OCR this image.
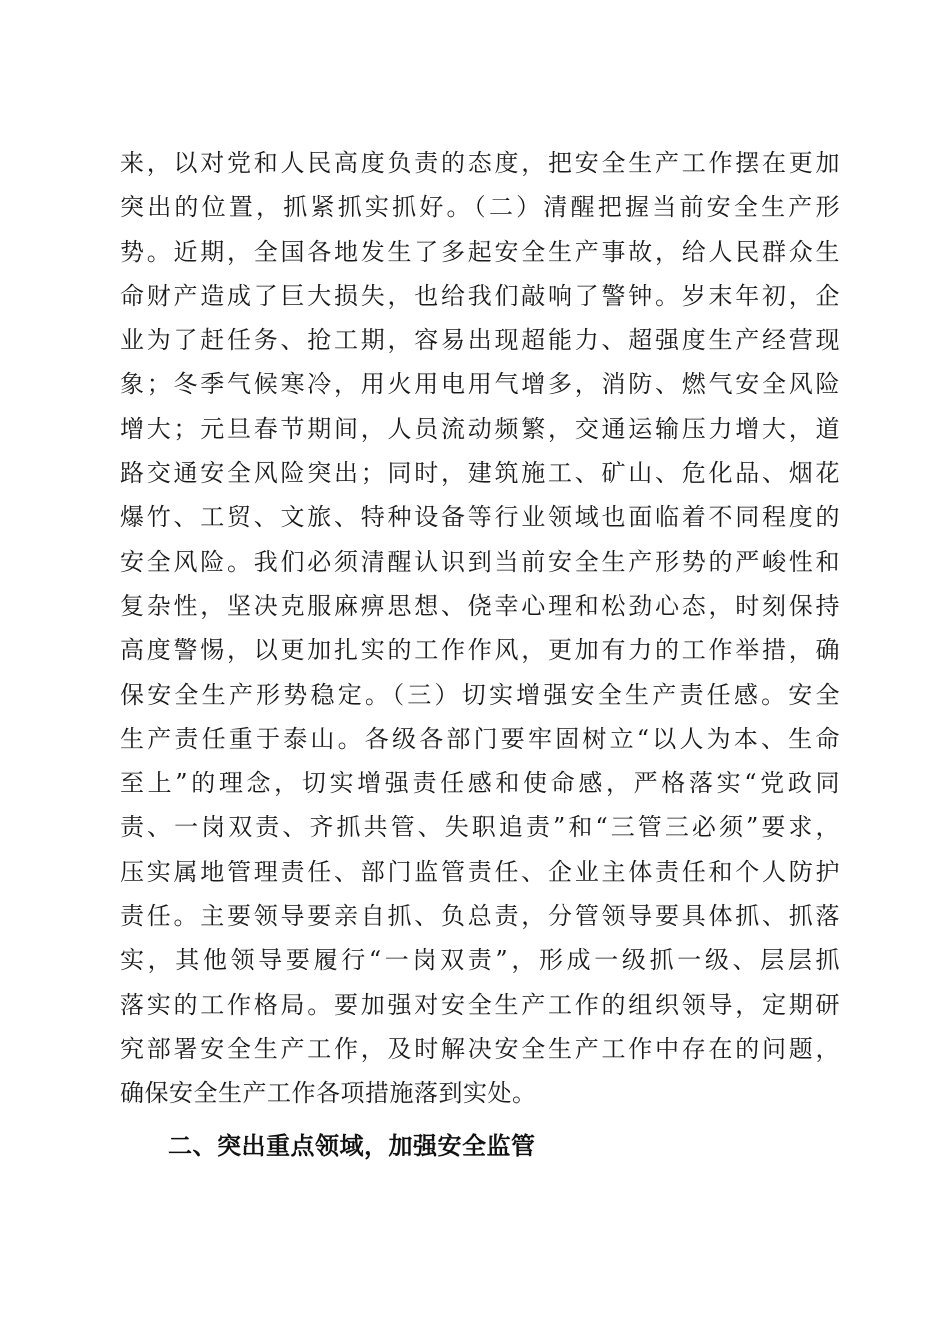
来，以对党和人民高度负责的态度，把安全生产工作摆在更加
突出的位置，抓紧抓实抓好。（二）清醒把握当前安全生产形
势。近期，全国各地发生了多起安全生产事故，给人民群众生
命财产造成了巨大损失，也给我们敲响了警钟。岁末年初，企
业为了赶任务、抢工期，容易出现超能力、超强度生产经营现
象；冬季气候寒冷，用火用电用气增多，消防、燃气安全风险
增大；元旦春节期间，人员流动频繁，交通运输压力增大，道
路交通安全风险突出；同时，建筑施工、矿山、危化品、烟花
爆竹、工贸、文旅、特种设备等行业领域也面临着不同程度的
安全风险。我们必须清醒认识到当前安全生产形势的严峻性和
复杂性，坚决克服麻痹思想、侥幸心理和松劲心态，时刻保持
高度警惕，以更加扎实的工作作风，更加有力的工作举措，确
保安全生产形势稳定。（三）切实增强安全生产责任感。安全
生产责任重于泰山。各级各部门要牢固树立“以人为本、生命
至上”的理念，切实增强责任感和使命感，严格落实“党政同
责、一岗双责、齐抓共管、失职追责”和“三管三必须”要求，
压实属地管理责任、部门监管责任、企业主体责任和个人防护
责任。主要领导要亲自抓、负总责，分管领导要具体抓、抓落
实，其他领导要履行“一岗双责”，形成一级抓一级、层层抓
落实的工作格局。要加强对安全生产工作的组织领导，定期研
究部署安全生产工作，及时解决安全生产工作中存在的问题，
确保安全生产工作各项措施落到实处。

二、突出重点领域，加强安全监管
